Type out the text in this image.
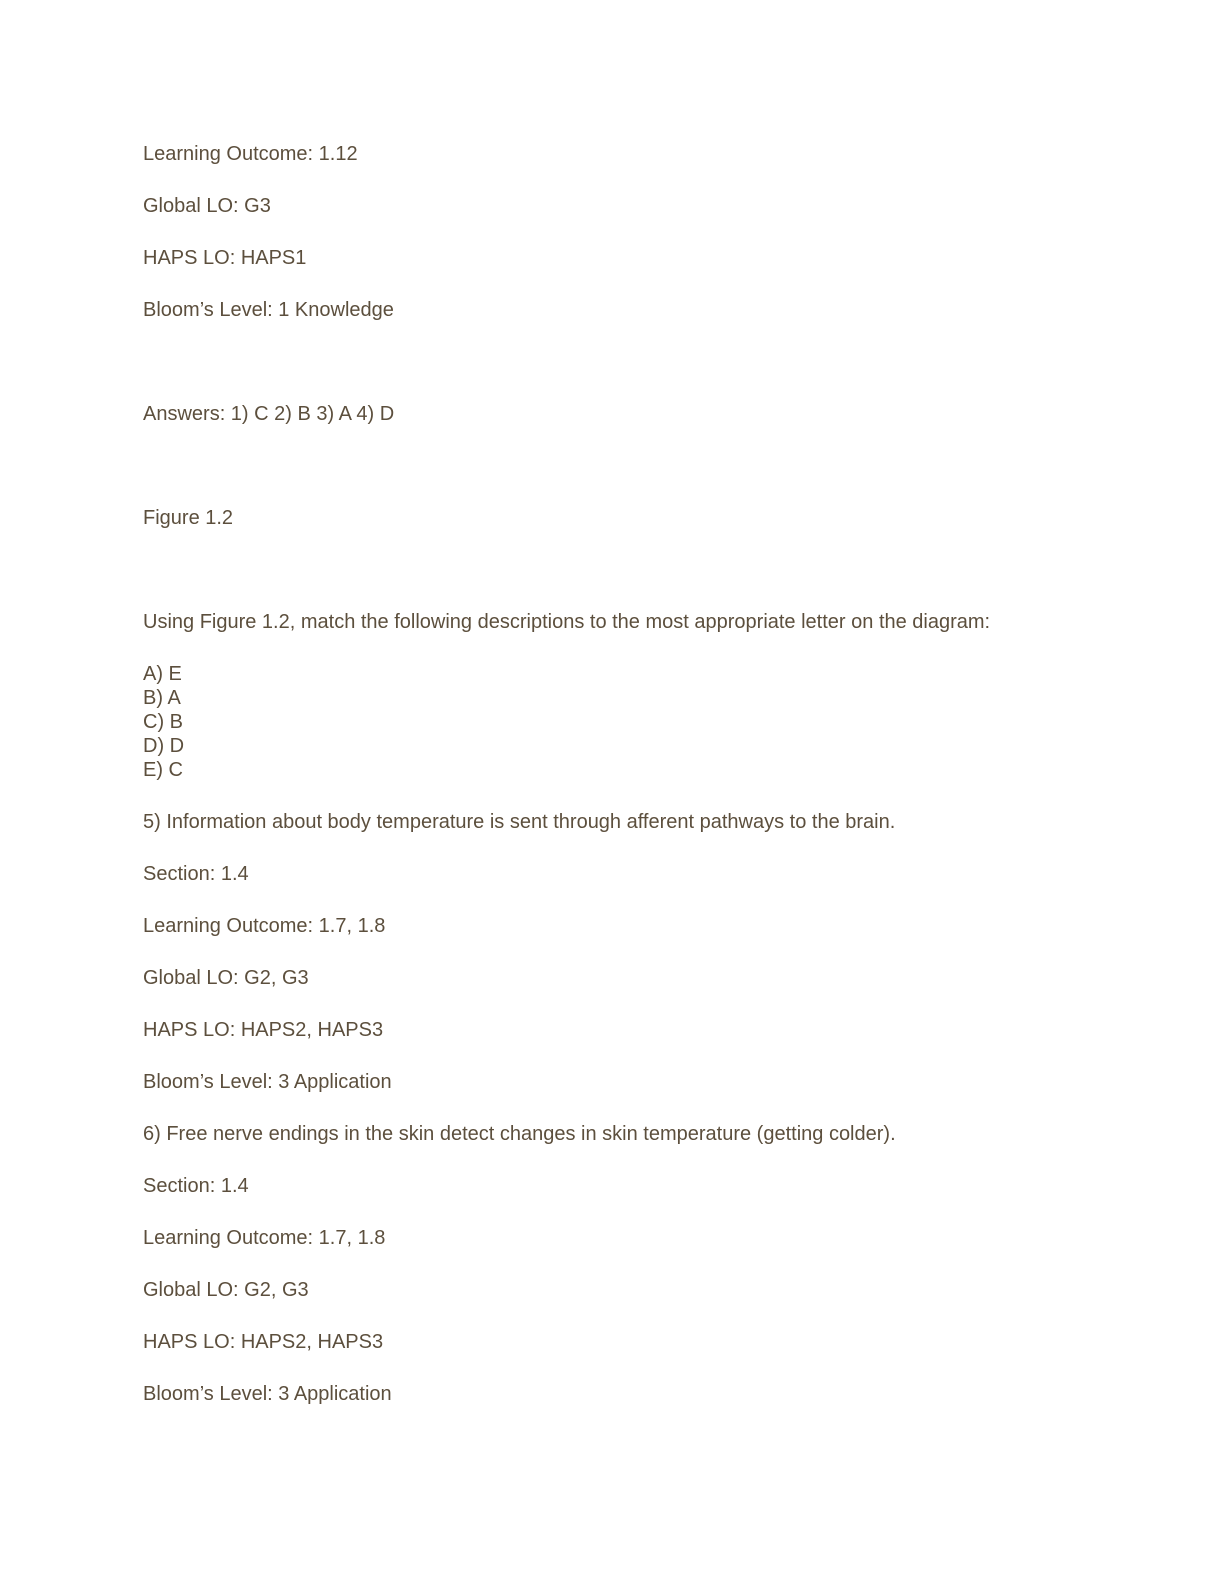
Learning Outcome: 1.12

Global LO: G3

HAPS LO: HAPS1

Bloom’s Level: 1 Knowledge

Answers: 1) C 2) B 3) A 4) D

Figure 1.2

Using Figure 1.2, match the following descriptions to the most appropriate letter on the diagram:

A) E

B) A

C) B

D) D

E) C

5) Information about body temperature is sent through afferent pathways to the brain.

Section: 1.4

Learning Outcome: 1.7, 1.8

Global LO: G2, G3

HAPS LO: HAPS2, HAPS3

Bloom’s Level: 3 Application

6) Free nerve endings in the skin detect changes in skin temperature (getting colder).

Section: 1.4

Learning Outcome: 1.7, 1.8

Global LO: G2, G3

HAPS LO: HAPS2, HAPS3

Bloom’s Level: 3 Application
